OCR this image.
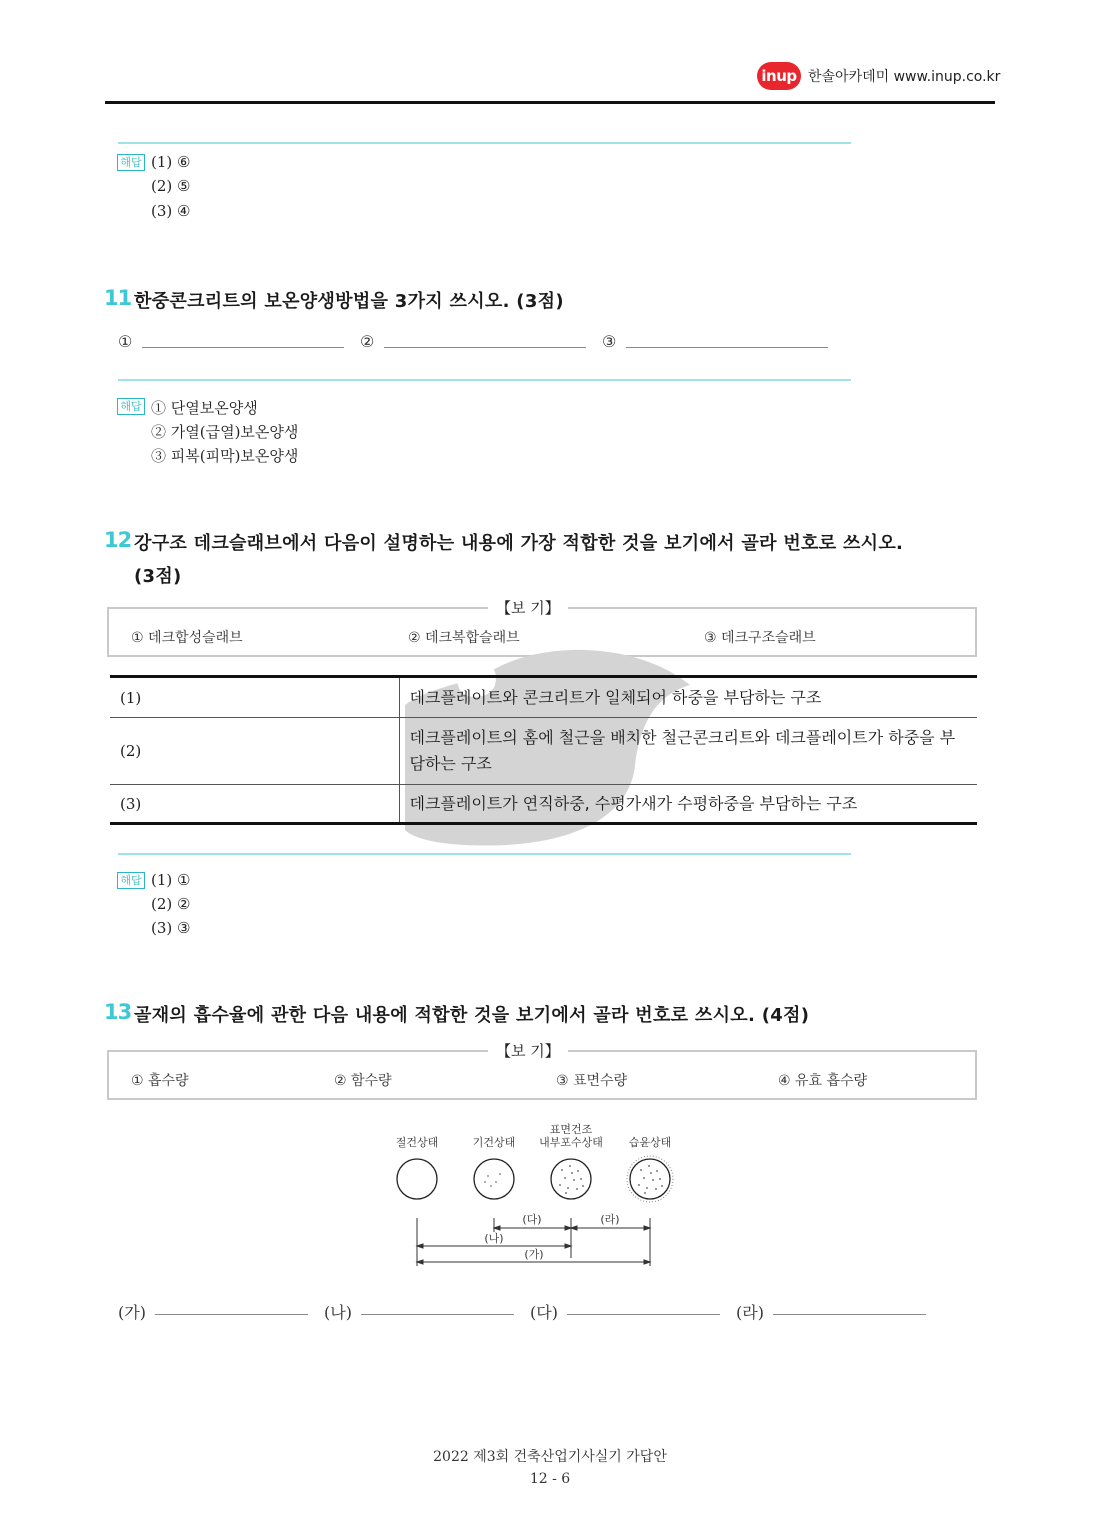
inup 한솔아카데미 www.inup.co.kr
해답 (1) ⑥
(2) ⑤
(3) ④
11 한중콘크리트의 보온양생방법을 3가지 쓰시오. (3점)
①	②	③
해답 ① 단열보온양생
② 가열(급열)보온양생
③ 피복(피막)보온양생
12 강구조 데크슬래브에서 다음이 설명하는 내용에 가장 적합한 것을 보기에서 골라 번호로 쓰시오.
(3점)
【보 기】
① 데크합성슬래브	② 데크복합슬래브	③ 데크구조슬래브
(1)	데크플레이트와 콘크리트가 일체되어 하중을 부담하는 구조
(2)	데크플레이트의 홈에 철근을 배치한 철근콘크리트와 데크플레이트가 하중을 부담하는 구조
(3)	데크플레이트가 연직하중, 수평가새가 수평하중을 부담하는 구조
해답 (1) ①
(2) ②
(3) ③
13 골재의 흡수율에 관한 다음 내용에 적합한 것을 보기에서 골라 번호로 쓰시오. (4점)
【보 기】
① 흡수량	② 함수량	③ 표면수량	④ 유효 흡수량
절건상태	기건상태
표면건조
내부포수상태 습윤상태
(다)	(라)
(나)
(가)
(가)	(나)	(다)	(라)
2022 제3회 건축산업기사실기 가답안
12 - 6
